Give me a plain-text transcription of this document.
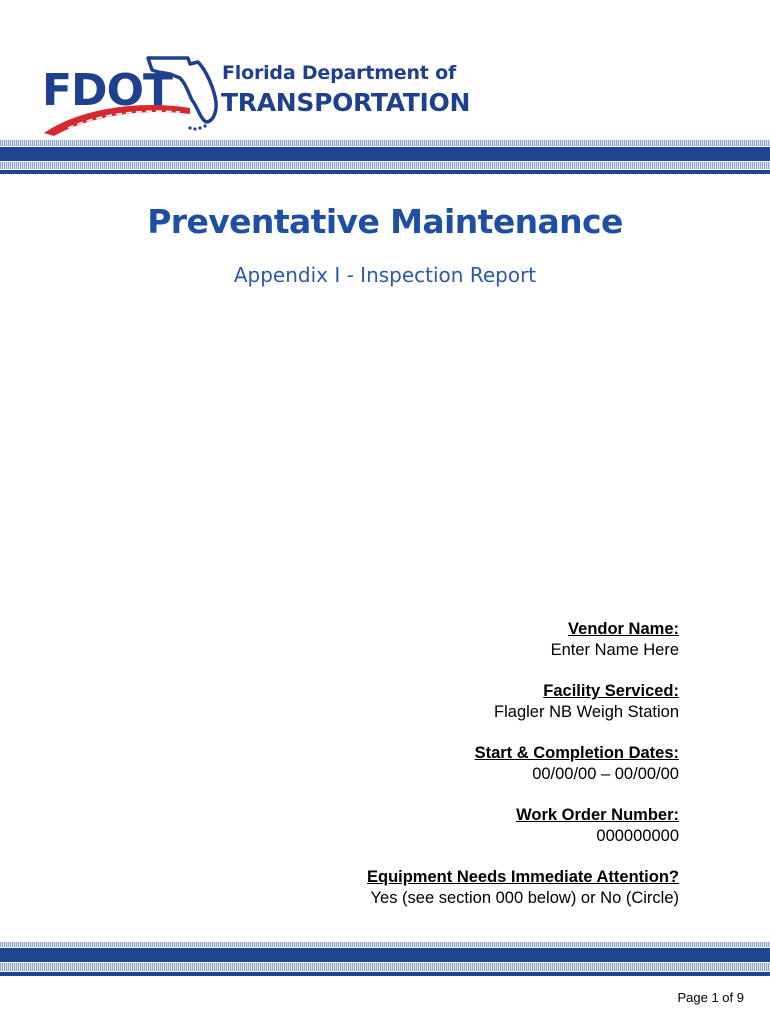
FDOT	Florida Department of
TRANSPORTATION
Preventative Maintenance
Appendix I - Inspection Report
Vendor Name:
Enter Name Here
Facility Serviced:
Flagler NB Weigh Station
Start & Completion Dates:
00/00/00 – 00/00/00
Work Order Number:
000000000
Equipment Needs Immediate Attention?
Yes (see section 000 below) or No (Circle)
Page 1 of 9
